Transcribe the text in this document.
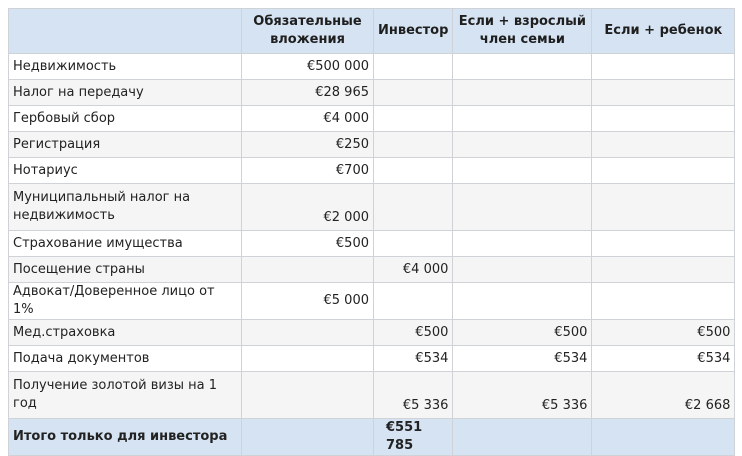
	Обязательные вложения	Инвестор	Если + взрослый член семьи	Если + ребенок
Недвижимость	€500 000			
Налог на передачу	€28 965			
Гербовый сбор	€4 000			
Регистрация	€250			
Нотариус	€700			
Муниципальный налог на недвижимость	€2 000			
Страхование имущества	€500			
Посещение страны		€4 000		
Адвокат/Доверенное лицо от 1%	€5 000			
Мед.страховка		€500	€500	€500
Подача документов		€534	€534	€534
Получение золотой визы на 1 год		€5 336	€5 336	€2 668
Итого только для инвестора		€551 785		
